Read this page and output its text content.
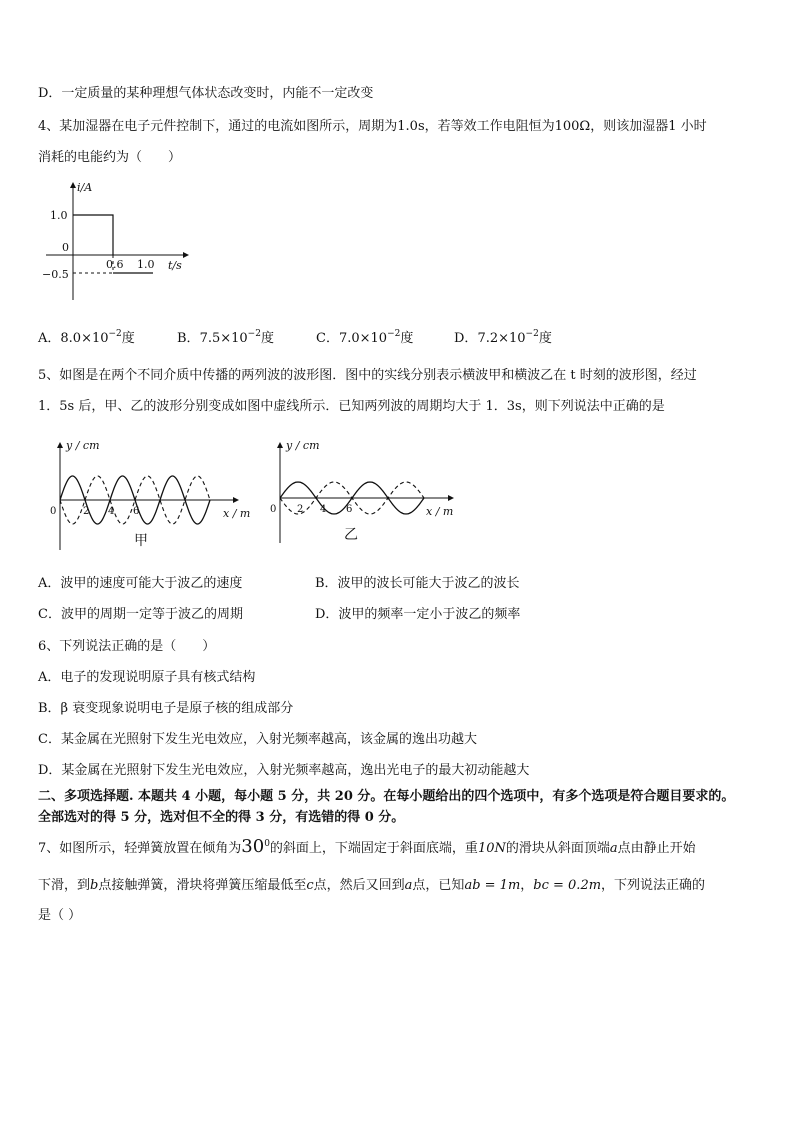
D．一定质量的某种理想气体状态改变时，内能不一定改变
4、某加湿器在电子元件控制下，通过的电流如图所示，周期为1.0s，若等效工作电阻恒为100Ω，则该加湿器1 小时
消耗的电能约为（　　）
i/A
t/s
1.0
0
−0.5
0.6 1.0
A．$8.0\times 10^{-2}$度	B．$7.5\times 10^{-2}$度	C．$7.0\times 10^{-2}$度	D．$7.2\times 10^{-2}$度
5、如图是在两个不同介质中传播的两列波的波形图．图中的实线分别表示横波甲和横波乙在 t 时刻的波形图，经过
1．5s 后，甲、乙的波形分别变成如图中虚线所示．已知两列波的周期均大于 1．3s，则下列说法中正确的是
y / cm
x / m
0	2 4 6
甲
y / cm
x / m
0 2 4 6
乙
A．波甲的速度可能大于波乙的速度	B．波甲的波长可能大于波乙的波长
C．波甲的周期一定等于波乙的周期	D．波甲的频率一定小于波乙的频率
6、下列说法正确的是（　　）
A．电子的发现说明原子具有核式结构
B．β 衰变现象说明电子是原子核的组成部分
C．某金属在光照射下发生光电效应，入射光频率越高，该金属的逸出功越大
D．某金属在光照射下发生光电效应，入射光频率越高，逸出光电子的最大初动能越大
二、多项选择题. 本题共 4 小题，每小题 5 分，共 20 分。在每小题给出的四个选项中，有多个选项是符合题目要求的。
全部选对的得 5 分，选对但不全的得 3 分，有选错的得 0 分。
7、如图所示，轻弹簧放置在倾角为$30^0$的斜面上，下端固定于斜面底端，重10N的滑块从斜面顶端a点由静止开始
下滑，到b点接触弹簧，滑块将弹簧压缩最低至c点，然后又回到a点，已知ab = 1m，bc = 0.2m，下列说法正确的
是（ ）
